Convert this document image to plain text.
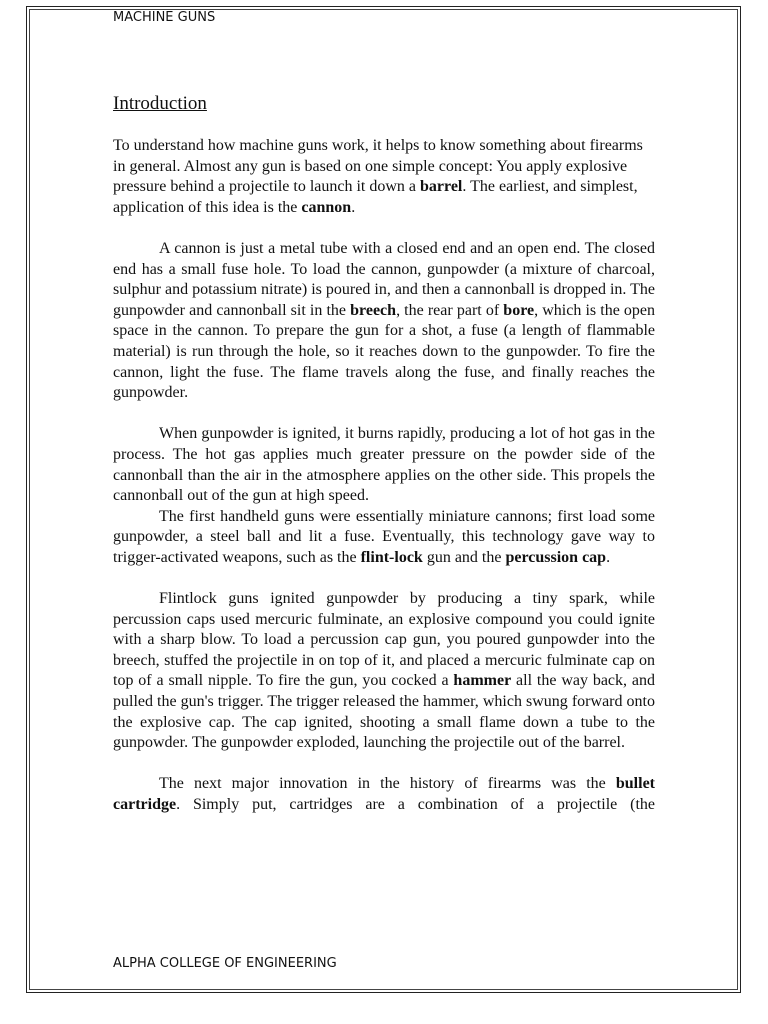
MACHINE GUNS
Introduction

To understand how machine guns work, it helps to know something about firearms in general. Almost any gun is based on one simple concept: You apply explosive pressure behind a projectile to launch it down a barrel. The earliest, and simplest, application of this idea is the cannon.

A cannon is just a metal tube with a closed end and an open end. The closed end has a small fuse hole. To load the cannon, gunpowder (a mixture of charcoal, sulphur and potassium nitrate) is poured in, and then a cannonball is dropped in. The gunpowder and cannonball sit in the breech, the rear part of bore, which is the open space in the cannon. To prepare the gun for a shot, a fuse (a length of flammable material) is run through the hole, so it reaches down to the gunpowder. To fire the cannon, light the fuse. The flame travels along the fuse, and finally reaches the gunpowder.

When gunpowder is ignited, it burns rapidly, producing a lot of hot gas in the process. The hot gas applies much greater pressure on the powder side of the cannonball than the air in the atmosphere applies on the other side. This propels the cannonball out of the gun at high speed.

The first handheld guns were essentially miniature cannons; first load some gunpowder, a steel ball and lit a fuse. Eventually, this technology gave way to trigger-activated weapons, such as the flint-lock gun and the percussion cap.

Flintlock guns ignited gunpowder by producing a tiny spark, while percussion caps used mercuric fulminate, an explosive compound you could ignite with a sharp blow. To load a percussion cap gun, you poured gunpowder into the breech, stuffed the projectile in on top of it, and placed a mercuric fulminate cap on top of a small nipple. To fire the gun, you cocked a hammer all the way back, and pulled the gun's trigger. The trigger released the hammer, which swung forward onto the explosive cap. The cap ignited, shooting a small flame down a tube to the gunpowder. The gunpowder exploded, launching the projectile out of the barrel.

The next major innovation in the history of firearms was the bullet cartridge. Simply put, cartridges are a combination of a projectile (the

ALPHA COLLEGE OF ENGINEERING
